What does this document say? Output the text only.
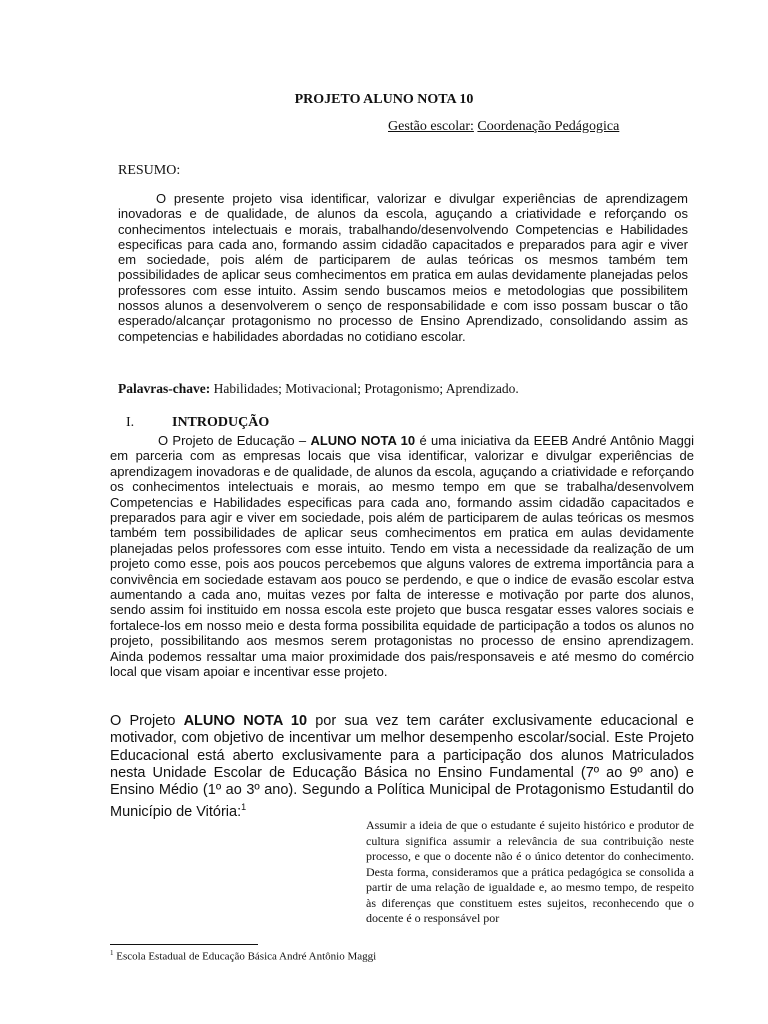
PROJETO ALUNO NOTA 10
Gestão escolar: Coordenação Pedágogica
RESUMO:

O presente projeto visa identificar, valorizar e divulgar experiências de aprendizagem inovadoras e de qualidade, de alunos da escola, aguçando a criatividade e reforçando os conhecimentos intelectuais e morais, trabalhando/desenvolvendo Competencias e Habilidades especificas para cada ano, formando assim cidadão capacitados e preparados para agir e viver em sociedade, pois além de participarem de aulas teóricas os mesmos também tem possibilidades de aplicar seus comhecimentos em pratica em aulas devidamente planejadas pelos professores com esse intuito. Assim sendo buscamos meios e metodologias que possibilitem nossos alunos a desenvolverem o senço de responsabilidade e com isso possam buscar o tão esperado/alcançar protagonismo no processo de Ensino Aprendizado, consolidando assim as competencias e habilidades abordadas no cotidiano escolar.

Palavras-chave: Habilidades; Motivacional; Protagonismo; Aprendizado.
I.	INTRODUÇÃO

O Projeto de Educação – ALUNO NOTA 10 é uma iniciativa da EEEB André Antônio Maggi em parceria com as empresas locais que visa identificar, valorizar e divulgar experiências de aprendizagem inovadoras e de qualidade, de alunos da escola, aguçando a criatividade e reforçando os conhecimentos intelectuais e morais, ao mesmo tempo em que se trabalha/desenvolvem Competencias e Habilidades especificas para cada ano, formando assim cidadão capacitados e preparados para agir e viver em sociedade, pois além de participarem de aulas teóricas os mesmos também tem possibilidades de aplicar seus comhecimentos em pratica em aulas devidamente planejadas pelos professores com esse intuito. Tendo em vista a necessidade da realização de um projeto como esse, pois aos poucos percebemos que alguns valores de extrema importância para a convivência em sociedade estavam aos pouco se perdendo, e que o indice de evasão escolar estva aumentando a cada ano, muitas vezes por falta de interesse e motivação por parte dos alunos, sendo assim foi instituido em nossa escola este projeto que busca resgatar esses valores sociais e fortalece-los em nosso meio e desta forma possibilita equidade de participação a todos os alunos no projeto, possibilitando aos mesmos serem protagonistas no processo de ensino aprendizagem. Ainda podemos ressaltar uma maior proximidade dos pais/responsaveis e até mesmo do comércio local que visam apoiar e incentivar esse projeto.

O Projeto ALUNO NOTA 10 por sua vez tem caráter exclusivamente educacional e motivador, com objetivo de incentivar um melhor desempenho escolar/social. Este Projeto Educacional está aberto exclusivamente para a participação dos alunos Matriculados nesta Unidade Escolar de Educação Básica no Ensino Fundamental (7º ao 9º ano) e Ensino Médio (1º ao 3º ano). Segundo a Política Municipal de Protagonismo Estudantil do Município de Vitória:$^1$

Assumir a ideia de que o estudante é sujeito histórico e produtor de cultura significa assumir a relevância de sua contribuição neste processo, e que o docente não é o único detentor do conhecimento. Desta forma, consideramos que a prática pedagógica se consolida a partir de uma relação de igualdade e, ao mesmo tempo, de respeito às diferenças que constituem estes sujeitos, reconhecendo que o docente é o responsável por

$^1$ Escola Estadual de Educação Básica André Antônio Maggi
